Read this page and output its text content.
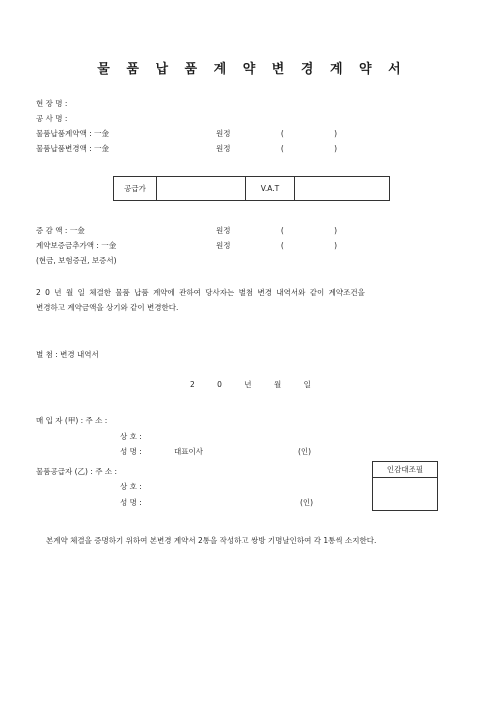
물 품 납 품 계 약 변 경 계 약 서
현 장 명 :
공 사 명 :
물품납품계약액 : 一金	원정 ( )
물품납품변경액 : 一金	원정 ( )
공급가		V.A.T	
증 감 액 : 一金	원정 ( )
계약보증금추가액 : 一金	원정 ( )
(현금, 보험증권, 보증서)
2 0 년 월 일 체결한 물품 납품 계약에 관하여 당사자는 별첨 변경 내역서와 같이 계약조건을
변경하고 계약금액을 상기와 같이 변경한다.
별 첨 : 변경 내역서
2 0 년 월 일
매 입 자 (甲) : 주 소 :
상 호 :
성 명 :	대표이사	(인)
물품공급자 (乙) : 주 소 :
상 호 :
성 명 :	(인)
인감대조필
본계약 체결을 증명하기 위하여 본변경 계약서 2통을 작성하고 쌍방 기명날인하여 각 1통씩 소지한다.
